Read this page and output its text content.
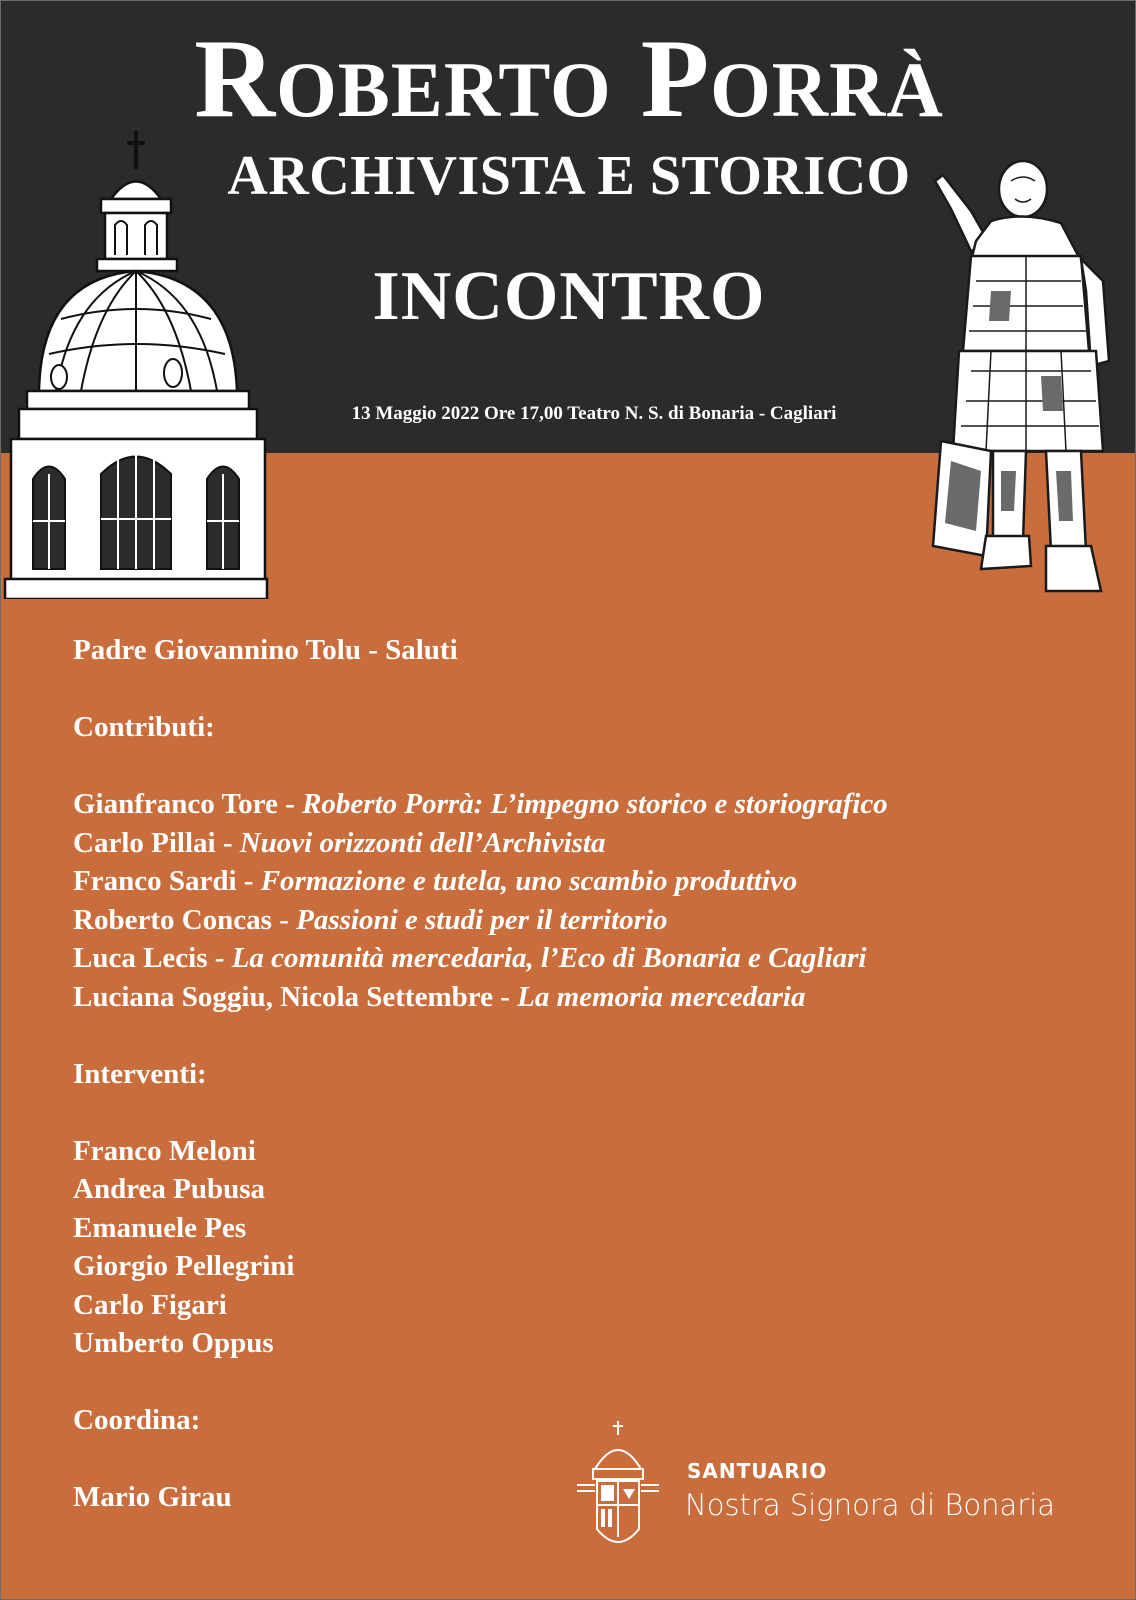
Roberto Porrà
ARCHIVISTA E STORICO
INCONTRO
13 Maggio 2022 Ore 17,00 Teatro N. S. di Bonaria - Cagliari
Padre Giovannino Tolu - Saluti
Contributi:
Gianfranco Tore - Roberto Porrà: L’impegno storico e storiografico
Carlo Pillai - Nuovi orizzonti dell’Archivista
Franco Sardi - Formazione e tutela, uno scambio produttivo
Roberto Concas - Passioni e studi per il territorio
Luca Lecis - La comunità mercedaria, l’Eco di Bonaria e Cagliari
Luciana Soggiu, Nicola Settembre - La memoria mercedaria
Interventi:
Franco Meloni
Andrea Pubusa
Emanuele Pes
Giorgio Pellegrini
Carlo Figari
Umberto Oppus
Coordina:
Mario Girau
SANTUARIO
Nostra Signora di Bonaria
